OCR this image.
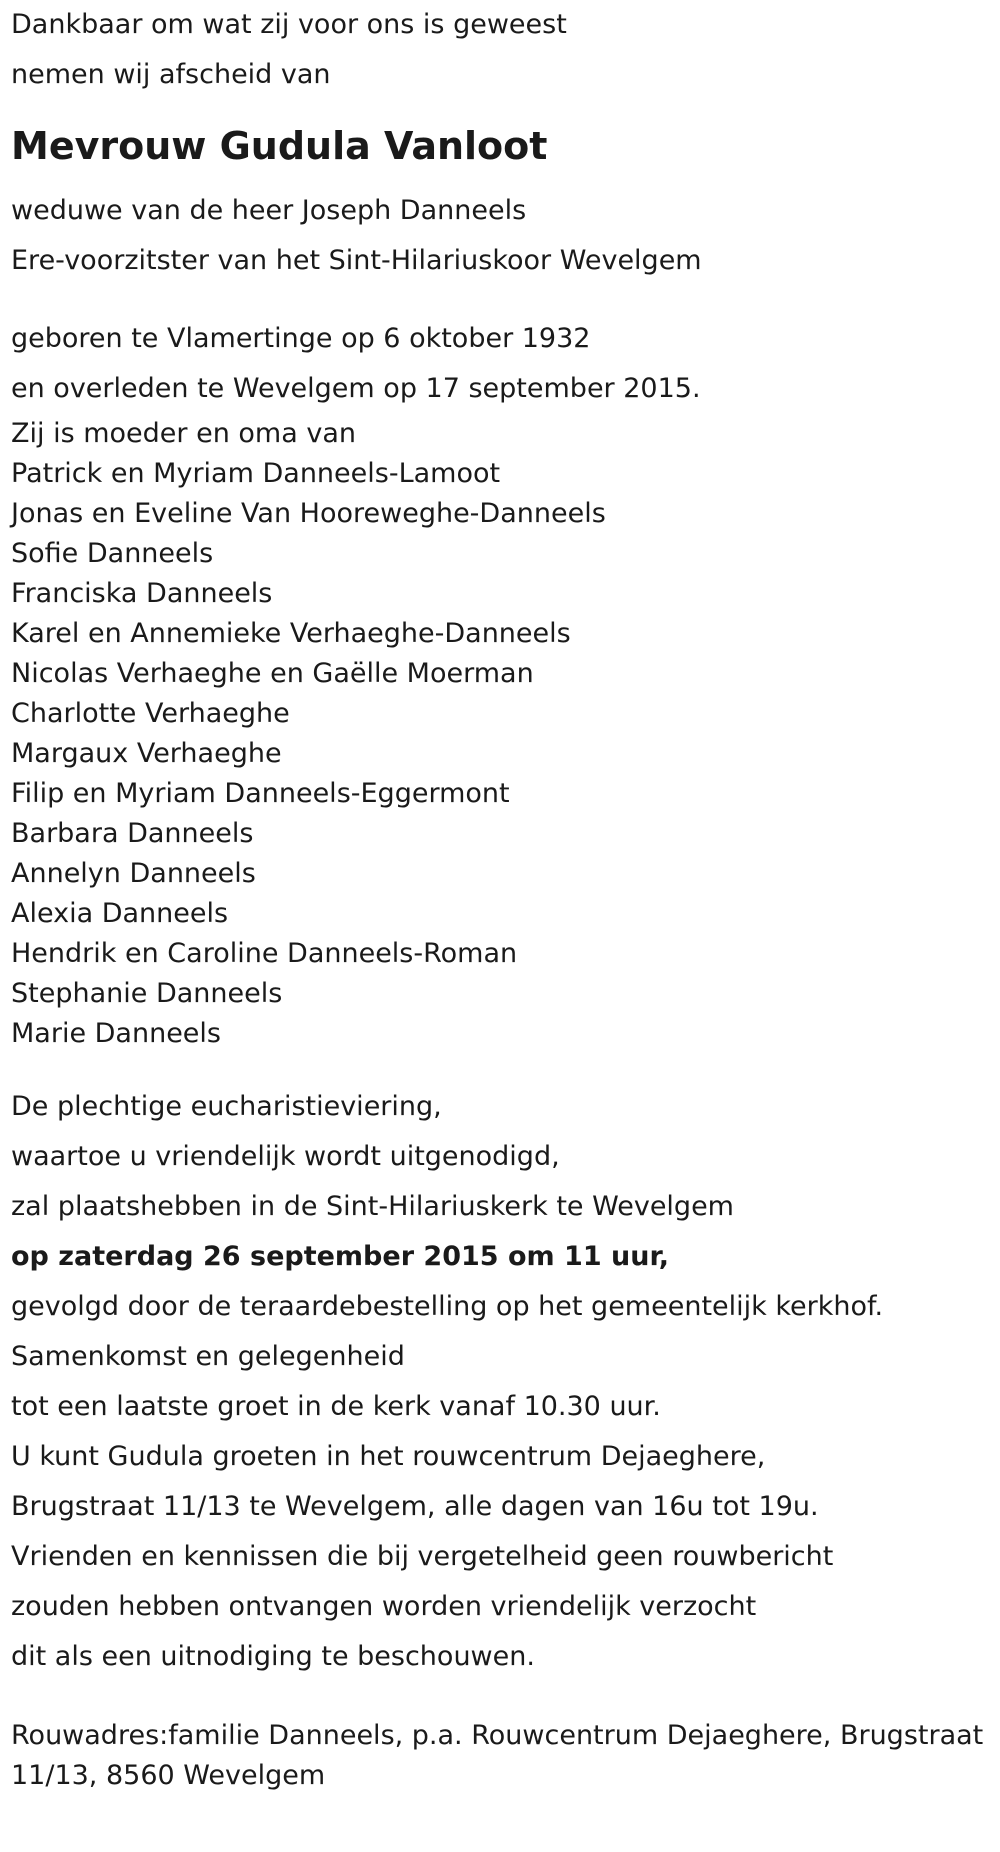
Dankbaar om wat zij voor ons is geweest

nemen wij afscheid van

Mevrouw Gudula Vanloot

weduwe van de heer Joseph Danneels

Ere-voorzitster van het Sint-Hilariuskoor Wevelgem

geboren te Vlamertinge op 6 oktober 1932

en overleden te Wevelgem op 17 september 2015.

Zij is moeder en oma van

Patrick en Myriam Danneels-Lamoot

Jonas en Eveline Van Hooreweghe-Danneels

Sofie Danneels

Franciska Danneels

Karel en Annemieke Verhaeghe-Danneels

Nicolas Verhaeghe en Gaëlle Moerman

Charlotte Verhaeghe

Margaux Verhaeghe

Filip en Myriam Danneels-Eggermont

Barbara Danneels

Annelyn Danneels

Alexia Danneels

Hendrik en Caroline Danneels-Roman

Stephanie Danneels

Marie Danneels

De plechtige eucharistieviering,

waartoe u vriendelijk wordt uitgenodigd,

zal plaatshebben in de Sint-Hilariuskerk te Wevelgem

op zaterdag 26 september 2015 om 11 uur,

gevolgd door de teraardebestelling op het gemeentelijk kerkhof.

Samenkomst en gelegenheid

tot een laatste groet in de kerk vanaf 10.30 uur.

U kunt Gudula groeten in het rouwcentrum Dejaeghere,

Brugstraat 11/13 te Wevelgem, alle dagen van 16u tot 19u.

Vrienden en kennissen die bij vergetelheid geen rouwbericht

zouden hebben ontvangen worden vriendelijk verzocht

dit als een uitnodiging te beschouwen.

Rouwadres:familie Danneels, p.a. Rouwcentrum Dejaeghere, Brugstraat 11/13, 8560 Wevelgem
